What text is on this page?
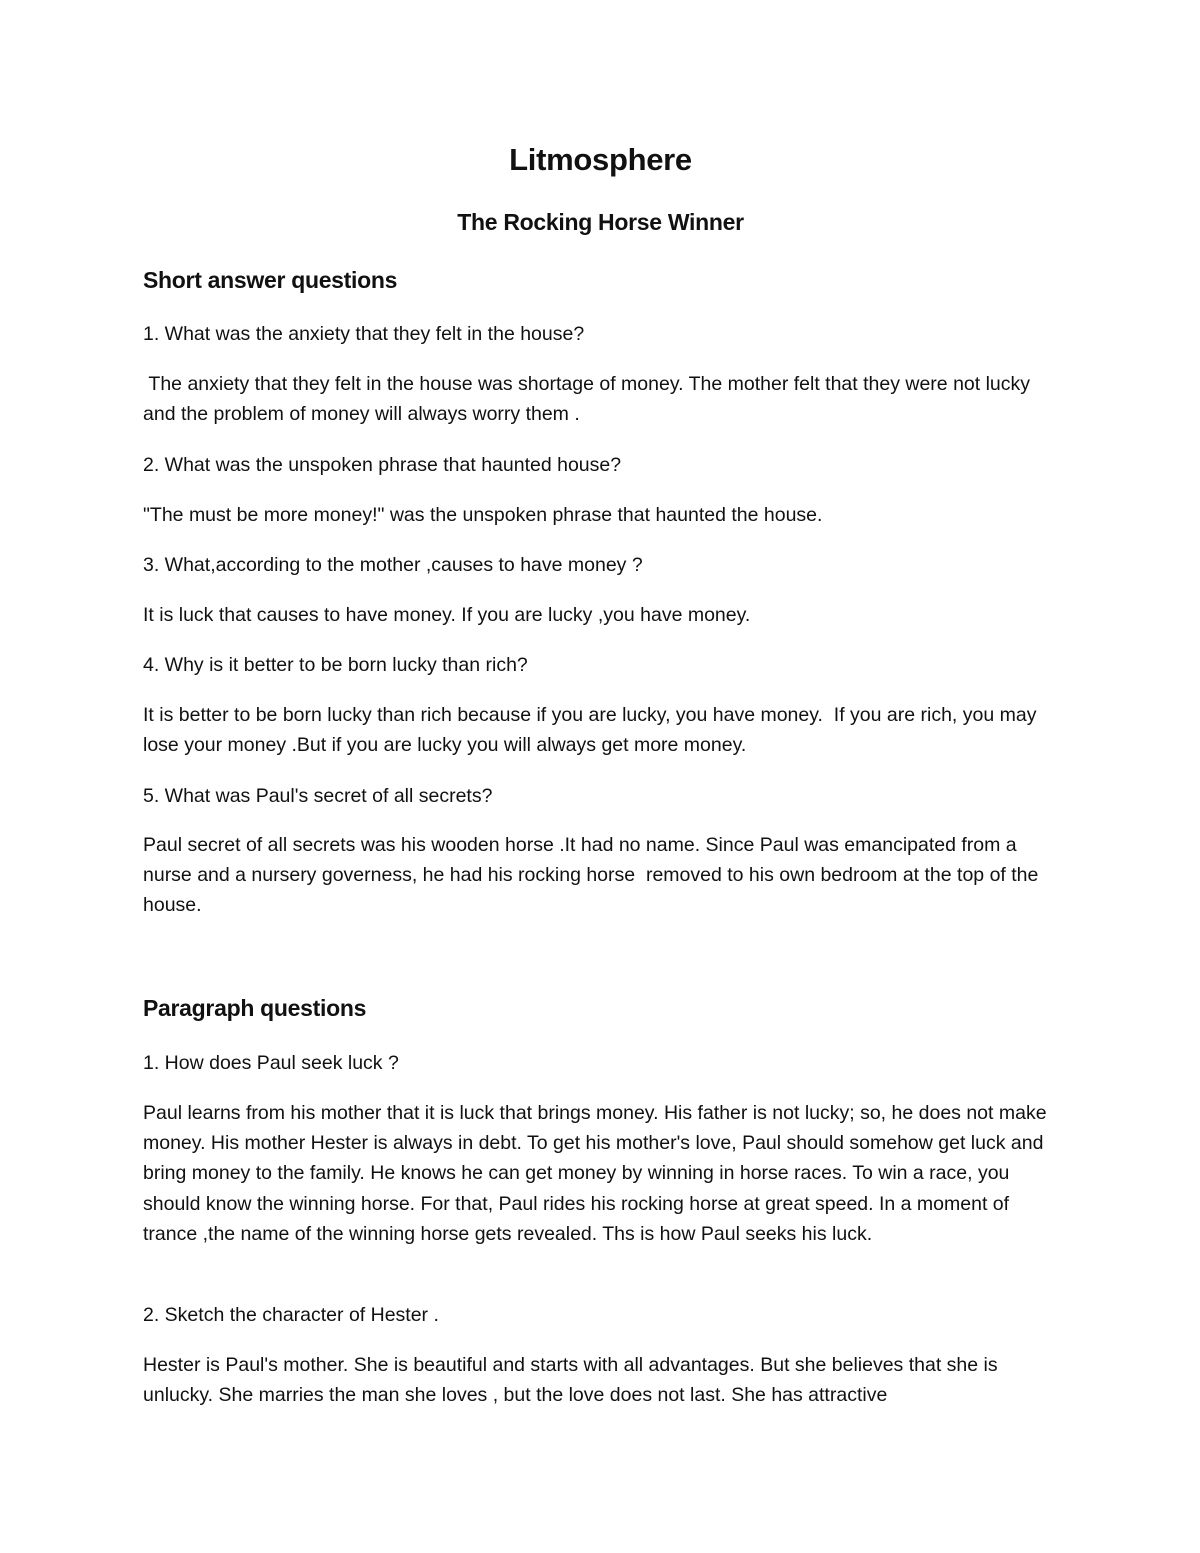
Litmosphere
The Rocking Horse Winner
Short answer questions

1. What was the anxiety that they felt in the house?

The anxiety that they felt in the house was shortage of money. The mother felt that they were not lucky and the problem of money will always worry them .

2. What was the unspoken phrase that haunted house?

"The must be more money!" was the unspoken phrase that haunted the house.

3. What,according to the mother ,causes to have money ?

It is luck that causes to have money. If you are lucky ,you have money.

4. Why is it better to be born lucky than rich?

It is better to be born lucky than rich because if you are lucky, you have money.  If you are rich, you may lose your money .But if you are lucky you will always get more money.

5. What was Paul's secret of all secrets?

Paul secret of all secrets was his wooden horse .It had no name. Since Paul was emancipated from a nurse and a nursery governess, he had his rocking horse  removed to his own bedroom at the top of the house.

Paragraph questions

1. How does Paul seek luck ?

Paul learns from his mother that it is luck that brings money. His father is not lucky; so, he does not make money. His mother Hester is always in debt. To get his mother's love, Paul should somehow get luck and bring money to the family. He knows he can get money by winning in horse races. To win a race, you should know the winning horse. For that, Paul rides his rocking horse at great speed. In a moment of trance ,the name of the winning horse gets revealed. Ths is how Paul seeks his luck.

2. Sketch the character of Hester .

Hester is Paul's mother. She is beautiful and starts with all advantages. But she believes that she is unlucky. She marries the man she loves , but the love does not last. She has attractive
